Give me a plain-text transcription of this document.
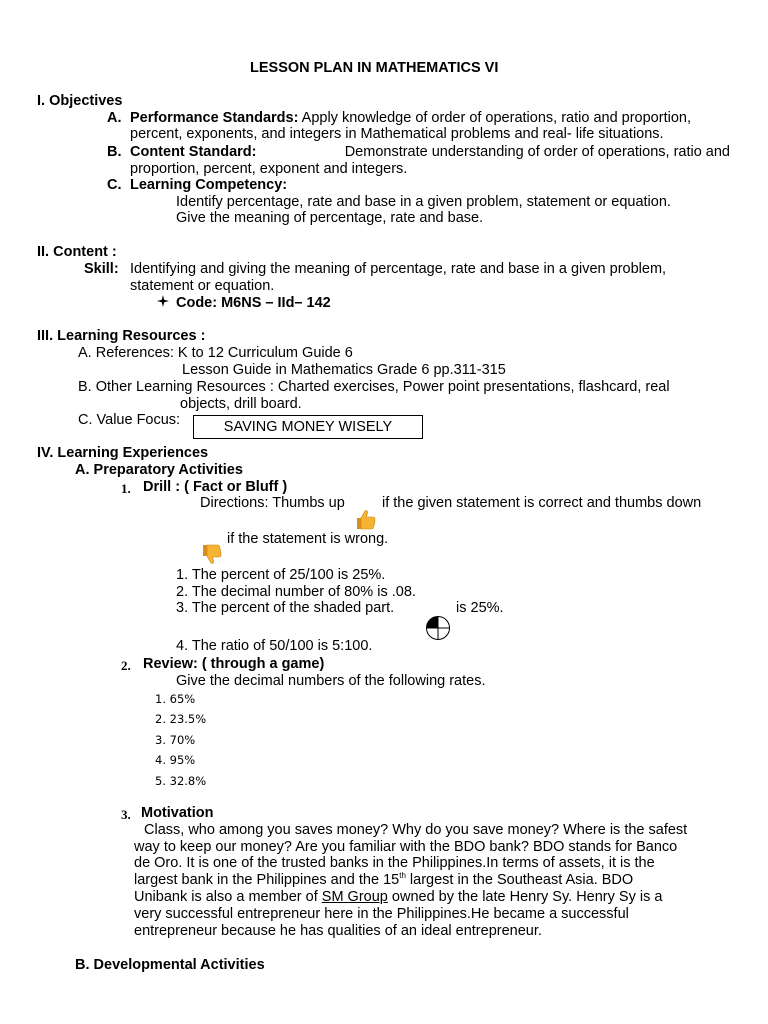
LESSON PLAN IN MATHEMATICS VI
I. Objectives
A. Performance Standards: Apply knowledge of order of operations, ratio and proportion,
percent, exponents, and integers in Mathematical problems and real- life situations.
B. Content Standard:	Demonstrate understanding of order of operations, ratio and
proportion, percent, exponent and integers.
C. Learning Competency:
Identify percentage, rate and base in a given problem, statement or equation.
Give the meaning of percentage, rate and base.
II. Content :
Skill: Identifying and giving the meaning of percentage, rate and base in a given problem,
statement or equation.
Code: M6NS – IId– 142
III. Learning Resources :
A. References: K to 12 Curriculum Guide 6
Lesson Guide in Mathematics Grade 6 pp.311-315
B. Other Learning Resources : Charted exercises, Power point presentations, flashcard, real
objects, drill board.
C. Value Focus:	SAVING MONEY WISELY
IV. Learning Experiences
A. Preparatory Activities
1. Drill : ( Fact or Bluff )
Directions: Thumbs up	if the given statement is correct and thumbs down
if the statement is wrong.
1. The percent of 25/100 is 25%.
2. The decimal number of 80% is .08.
3. The percent of the shaded part.	is 25%.
4. The ratio of 50/100 is 5:100.
2. Review: ( through a game)
Give the decimal numbers of the following rates.
1. 65%
2. 23.5%
3. 70%
4. 95%
5. 32.8%
3. Motivation
Class, who among you saves money? Why do you save money? Where is the safest
way to keep our money? Are you familiar with the BDO bank? BDO stands for Banco
de Oro. It is one of the trusted banks in the Philippines.In terms of assets, it is the
largest bank in the Philippines and the 15th largest in the Southeast Asia. BDO
Unibank is also a member of SM Group owned by the late Henry Sy. Henry Sy is a
very successful entrepreneur here in the Philippines.He became a successful
entrepreneur because he has qualities of an ideal entrepreneur.
B. Developmental Activities
